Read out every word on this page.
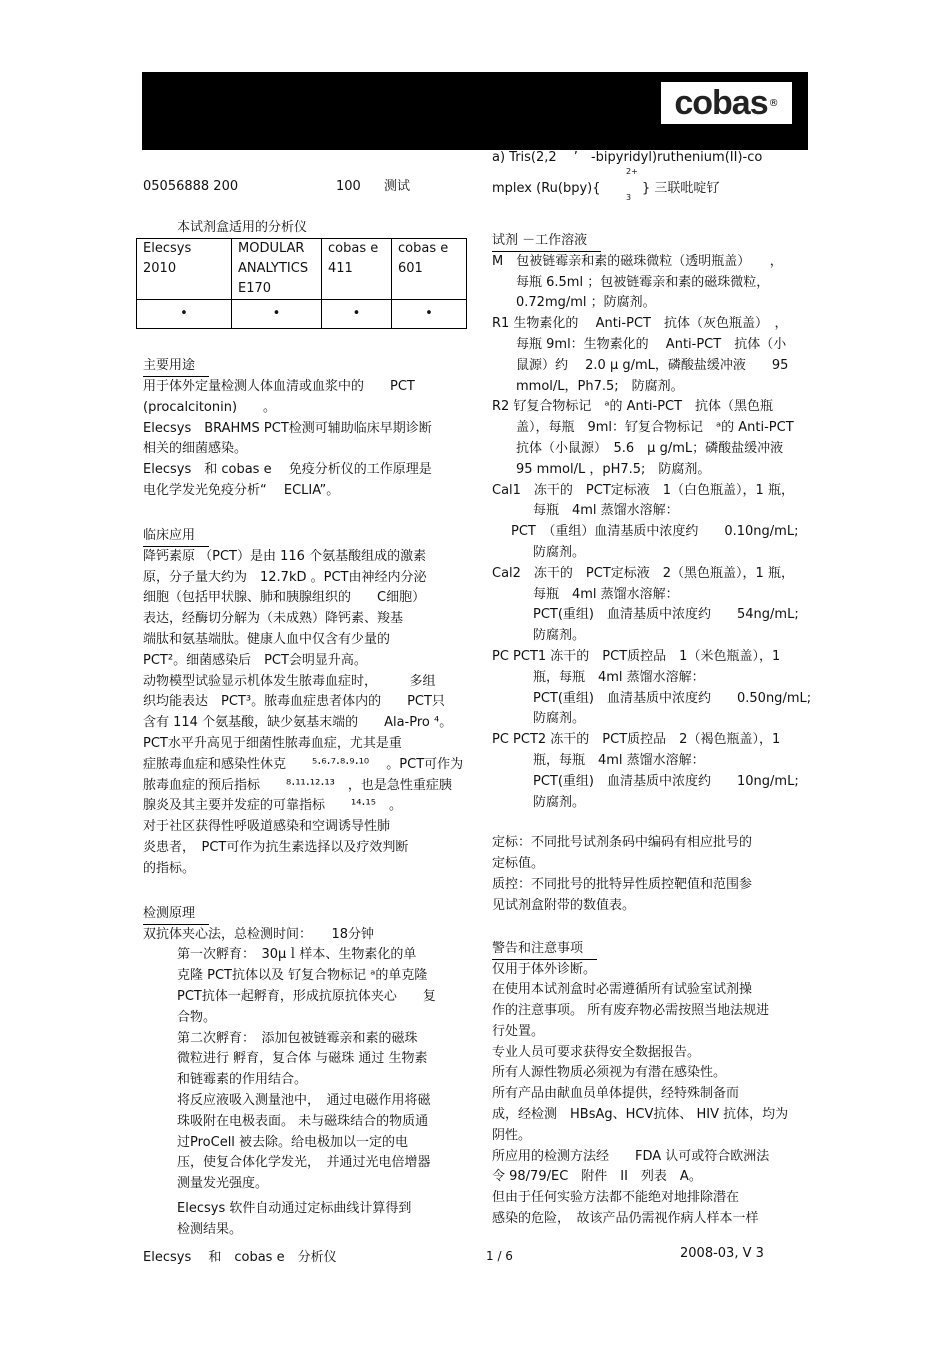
cobas ®
05056888 200	100 测试
本试剂盒适用的分析仪
Elecsys 2010	MODULAR ANALYTICS E170	cobas e 411	cobas e 601
•	•	•	•
主要用途
用于体外定量检测人体血清或血浆中的　　PCT
(procalcitonin)　　。
Elecsys　BRAHMS PCT检测可辅助临床早期诊断
相关的细菌感染。
Elecsys　和 cobas e　 免疫分析仪的工作原理是
电化学发光免疫分析“　 ECLIA”。
临床应用
降钙素原 （PCT）是由 116 个氨基酸组成的激素
原，分子量大约为　12.7kD 。PCT由神经内分泌
细胞（包括甲状腺、肺和胰腺组织的　　C细胞）
表达，经酶切分解为（未成熟）降钙素、羧基
端肽和氨基端肽。健康人血中仅含有少量的
PCT²。细菌感染后　PCT会明显升高。
动物模型试验显示机体发生脓毒血症时，　　　多组
织均能表达　PCT³。脓毒血症患者体内的　　PCT只
含有 114 个氨基酸，缺少氨基末端的　　Ala-Pro ⁴。
PCT水平升高见于细菌性脓毒血症，尤其是重
症脓毒血症和感染性休克　　⁵·⁶·⁷·⁸·⁹·¹⁰　 。PCT可作为
脓毒血症的预后指标　　⁸·¹¹·¹²·¹³　，也是急性重症胰
腺炎及其主要并发症的可靠指标　　¹⁴·¹⁵　。
对于社区获得性呼吸道感染和空调诱导性肺
炎患者，　PCT可作为抗生素选择以及疗效判断
的指标。
检测原理
双抗体夹心法，总检测时间：　　18分钟
第一次孵育：　30μｌ样本、生物素化的单
克隆 PCT抗体以及 钌复合物标记 ᵃ的单克隆
PCT抗体一起孵育，形成抗原抗体夹心　　复
合物。
第二次孵育：　添加包被链霉亲和素的磁珠
微粒进行 孵育，复合体 与磁珠 通过 生物素
和链霉素的作用结合。
将反应液吸入测量池中，　通过电磁作用将磁
珠吸附在电极表面。 未与磁珠结合的物质通
过ProCell 被去除。给电极加以一定的电
压，使复合体化学发光，　并通过光电倍增器
测量发光强度。
Elecsys 软件自动通过定标曲线计算得到
检测结果。
a) Tris(2,2　 ’　-bipyridyl)ruthenium(II)-co
2+
mplex (Ru(bpy){
3
} 三联吡啶钌
试剂 －工作溶液
M　包被链霉亲和素的磁珠微粒（透明瓶盖）　　，
每瓶 6.5ml ；包被链霉亲和素的磁珠微粒，
0.72mg/ml ；防腐剂。
R1 生物素化的　 Anti-PCT　抗体（灰色瓶盖）　，
每瓶 9ml：生物素化的　 Anti-PCT　抗体（小
鼠源）约　 2.0 μ g/mL，磷酸盐缓冲液　　95
mmol/L，Ph7.5;　防腐剂。
R2 钌复合物标记　ᵃ的 Anti-PCT　抗体（黑色瓶
盖），每瓶　9ml：钌复合物标记　ᵃ的 Anti-PCT
抗体（小鼠源）　5.6　μ g/mL；磷酸盐缓冲液
95 mmol/L ，pH7.5;　防腐剂。
Cal1　冻干的　PCT定标液　1（白色瓶盖），1 瓶，
每瓶　4ml 蒸馏水溶解：
PCT　（重组）血清基质中浓度约　　0.10ng/mL;
防腐剂。
Cal2　冻干的　PCT定标液　2（黑色瓶盖），1 瓶，
每瓶　4ml 蒸馏水溶解：
PCT(重组)　血清基质中浓度约　　54ng/mL;
防腐剂。
PC PCT1 冻干的　PCT质控品　1（米色瓶盖），1
瓶，每瓶　4ml 蒸馏水溶解：
PCT(重组)　血清基质中浓度约　　0.50ng/mL;
防腐剂。
PC PCT2 冻干的　PCT质控品　2（褐色瓶盖），1
瓶，每瓶　4ml 蒸馏水溶解：
PCT(重组)　血清基质中浓度约　　10ng/mL;
防腐剂。
定标：不同批号试剂条码中编码有相应批号的
定标值。
质控：不同批号的批特异性质控靶值和范围参
见试剂盒附带的数值表。
警告和注意事项
仅用于体外诊断。
在使用本试剂盒时必需遵循所有试验室试剂操
作的注意事项。 所有废弃物必需按照当地法规进
行处置。
专业人员可要求获得安全数据报告。
所有人源性物质必须视为有潜在感染性。
所有产品由献血员单体提供，经特殊制备而
成，经检测　HBsAg、HCV抗体、 HIV 抗体，均为
阴性。
所应用的检测方法经　　FDA 认可或符合欧洲法
令 98/79/EC　附件　II　列表　A。
但由于任何实验方法都不能绝对地排除潜在
感染的危险，　故该产品仍需视作病人样本一样
Elecsys　 和　cobas e　分析仪	1 / 6	2008-03, V 3
